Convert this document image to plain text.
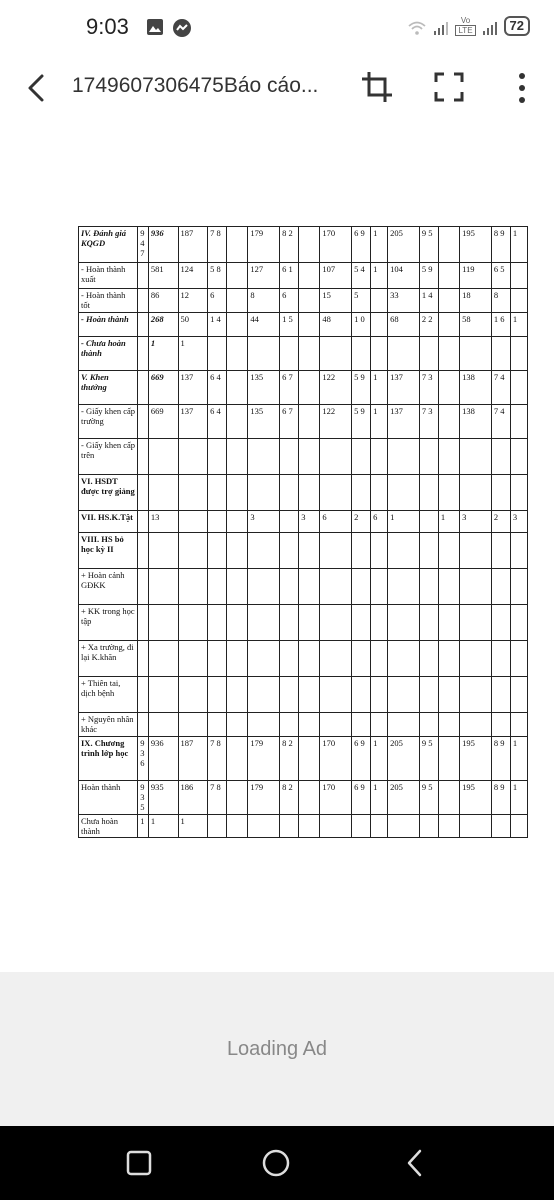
9:03	Vo
LTE	72
1749607306475Báo cáo...
IV. Đánh giá KQGD	9 4 7	936	187	7 8		179	8 2		170	6 9	1	205	9 5		195	8 9	1
- Hoàn thành xuất		581	124	5 8		127	6 1		107	5 4	1	104	5 9		119	6 5	
- Hoàn thành tốt		86	12	6		8	6		15	5		33	1 4		18	8	
- Hoàn thành		268	50	1 4		44	1 5		48	1 0		68	2 2		58	1 6	1
- Chưa hoàn thành		1	1														
V. Khen thưởng		669	137	6 4		135	6 7		122	5 9	1	137	7 3		138	7 4	
- Giấy khen cấp trường		669	137	6 4		135	6 7		122	5 9	1	137	7 3		138	7 4	
- Giấy khen cấp trên																	
VI. HSDT được trợ giảng																	
VII. HS.K.Tật		13				3		3	6	2	6	1		1	3	2	3
VIII. HS bỏ học kỳ II																	
+ Hoàn cảnh GĐKK																	
+ KK trong học tập																	
+ Xa trường, đi lại K.khăn																	
+ Thiên tai, dịch bệnh																	
+ Nguyên nhân khác																	
IX. Chương trình lớp học	9 3 6	936	187	7 8		179	8 2		170	6 9	1	205	9 5		195	8 9	1
Hoàn thành	9 3 5	935	186	7 8		179	8 2		170	6 9	1	205	9 5		195	8 9	1
Chưa hoàn thành	1	1	1														
Loading Ad
